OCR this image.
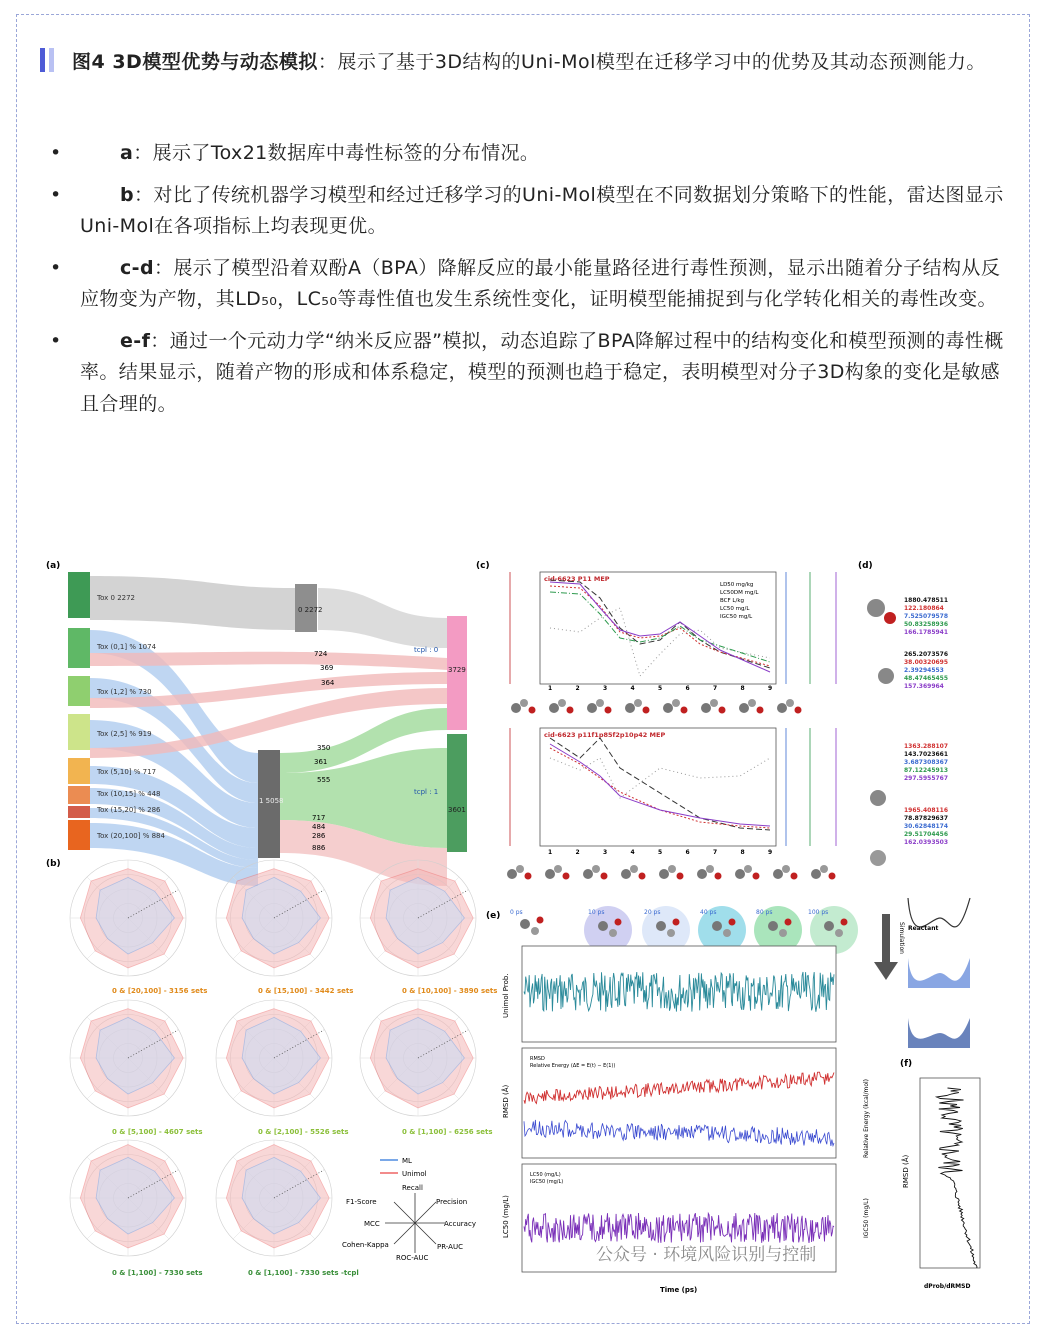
图4 3D模型优势与动态模拟：展示了基于3D结构的Uni-Mol模型在迁移学习中的优势及其动态预测能力。
•	a：展示了Tox21数据库中毒性标签的分布情况。
•	b：对比了传统机器学习模型和经过迁移学习的Uni-Mol模型在不同数据划分策略下的性能，雷达图显示Uni-Mol在各项指标上均表现更优。
•	c-d：展示了模型沿着双酚A（BPA）降解反应的最小能量路径进行毒性预测，显示出随着分子结构从反应物变为产物，其LD₅₀，LC₅₀等毒性值也发生系统性变化，证明模型能捕捉到与化学转化相关的毒性改变。
•	e-f：通过一个元动力学“纳米反应器”模拟，动态追踪了BPA降解过程中的结构变化和模型预测的毒性概率。结果显示，随着产物的形成和体系稳定，模型的预测也趋于稳定，表明模型对分子3D构象的变化是敏感且合理的。
(a)
Tox 0 2272
Tox (0,1] % 1074
Tox (1,2] % 730
Tox (2,5] % 919
Tox (5,10] % 717
Tox (10,15] % 448
Tox (15,20] % 286
Tox (20,100] % 884
0 2272
1 5058
tcpl : 0
3729
tcpl : 1
3601
724
369
364
350
361
555
717
484
286
886
(b)
0 & [20,100] - 3156 sets	0 & [15,100] - 3442 sets	0 & [10,100] - 3890 sets
0 & [5,100] - 4607 sets	0 & [2,100] - 5526 sets	0 & [1,100] - 6256 sets
0 & [1,100] - 7330 sets	0 & [1,100] - 7330 sets -tcpl
ML
Unimol
Recall
Precision
Accuracy
PR-AUC
ROC-AUC
Cohen-Kappa
MCC
F1-Score
(c)
cid-6623 P11 MEP
LD50 mg/kg
LC50DM mg/L
BCF L/kg
LC50 mg/L
IGC50 mg/L
cid-6623 p11f1p85f2p10p42 MEP
1
1
2
2
3
3
4
4
5
5
6
6
7
7
8
8
9
9
(d)
1880.478511
122.180864
7.525079578
50.83258936
166.1785941
265.2073576
38.00320695
2.39294553
48.47465455
157.369964
1363.288107
143.7023661
3.687308367
87.12245913
297.5955767
1965.408116
78.87829637
30.62848174
29.51704456
162.0393503
(e) 0 ps	10 ps	20 ps	40 ps	80 ps	100 ps
Simulation Reactant
Unimol Prob.
RMSD (Å)	Relative Energy (kcal/mol)
RMSD
Relative Energy (ΔE = E(t) − E(1))
LC50 (mg/L)	IGC50 (mg/L)
LC50 (mg/L)
IGC50 (mg/L)
Time (ps)
(f)
RMSD (Å)
dProb/dRMSD
公众号 · 环境风险识别与控制
